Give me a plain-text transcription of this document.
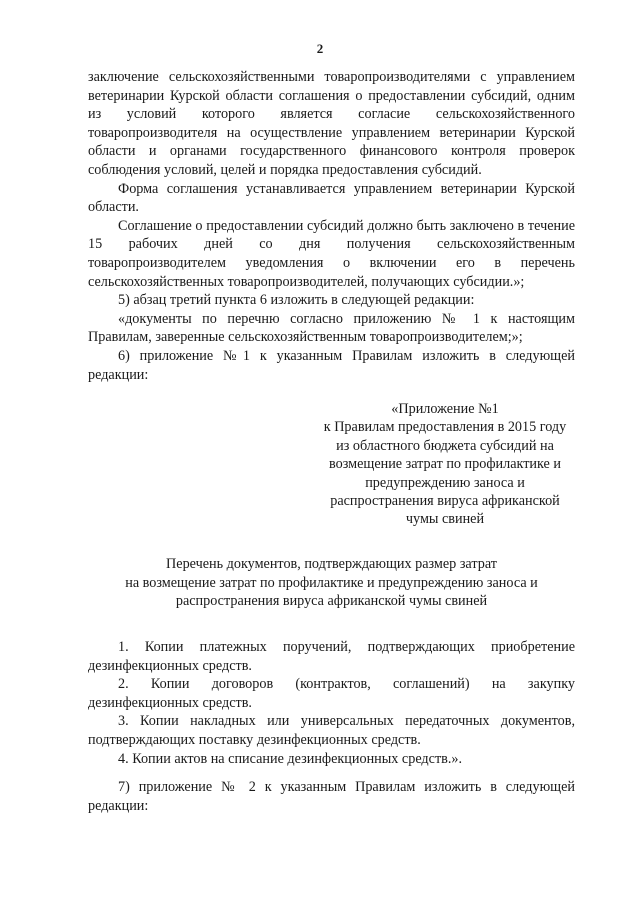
2

заключение сельскохозяйственными товаропроизводителями с управлением ветеринарии Курской области соглашения о предоставлении субсидий, одним из условий которого является согласие сельскохозяйственного товаропроизводителя на осуществление управлением ветеринарии Курской области и органами государственного финансового контроля проверок соблюдения условий, целей и порядка предоставления субсидий.

Форма соглашения устанавливается управлением ветеринарии Курской области.

Соглашение о предоставлении субсидий должно быть заключено в течение 15 рабочих дней со дня получения сельскохозяйственным товаропроизводителем уведомления о включении его в перечень сельскохозяйственных товаропроизводителей, получающих субсидии.»;

5) абзац третий пункта 6 изложить в следующей редакции:

«документы по перечню согласно приложению № 1 к настоящим Правилам, заверенные сельскохозяйственным товаропроизводителем;»;

6) приложение №1 к указанным Правилам изложить в следующей редакции:

«Приложение №1
к Правилам предоставления в 2015 году
из областного бюджета субсидий на
возмещение затрат по профилактике и
предупреждению заноса и
распространения вируса африканской
чумы свиней
Перечень документов, подтверждающих размер затрат
на возмещение затрат по профилактике и предупреждению заноса и
распространения вируса африканской чумы свиней

1. Копии платежных поручений, подтверждающих приобретение дезинфекционных средств.

2. Копии договоров (контрактов, соглашений) на закупку дезинфекционных средств.

3. Копии накладных или универсальных передаточных документов, подтверждающих поставку дезинфекционных средств.

4. Копии актов на списание дезинфекционных средств.».

7) приложение № 2 к указанным Правилам изложить в следующей редакции:
